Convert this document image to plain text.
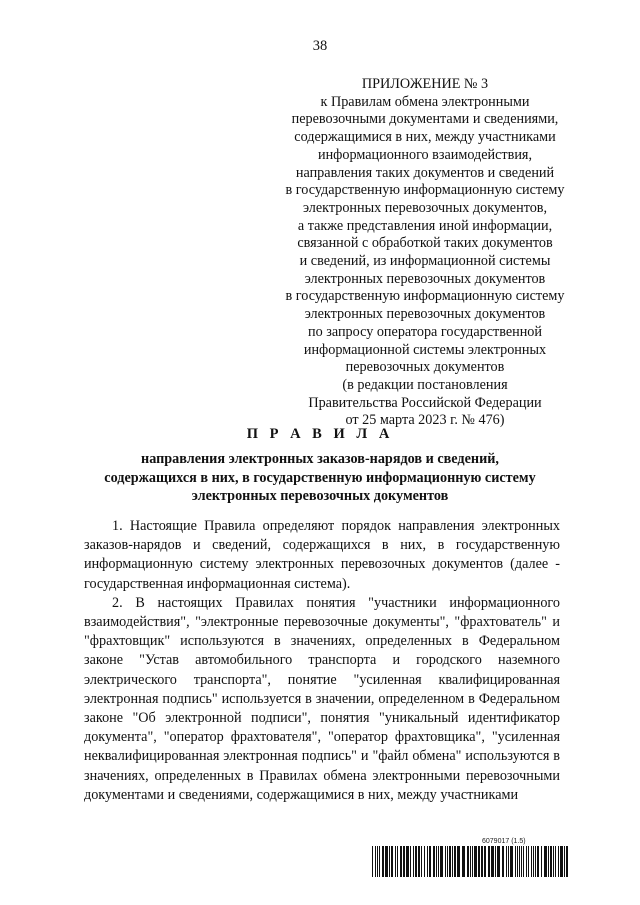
38
ПРИЛОЖЕНИЕ № 3
к Правилам обмена электронными
перевозочными документами и сведениями,
содержащимися в них, между участниками
информационного взаимодействия,
направления таких документов и сведений
в государственную информационную систему
электронных перевозочных документов,
а также представления иной информации,
связанной с обработкой таких документов
и сведений, из информационной системы
электронных перевозочных документов
в государственную информационную систему
электронных перевозочных документов
по запросу оператора государственной
информационной системы электронных
перевозочных документов
(в редакции постановления
Правительства Российской Федерации
от 25 марта 2023 г. № 476)
П Р А В И Л А
направления электронных заказов-нарядов и сведений,
содержащихся в них, в государственную информационную систему
электронных перевозочных документов

1. Настоящие Правила определяют порядок направления электронных заказов-нарядов и сведений, содержащихся в них, в государственную информационную систему электронных перевозочных документов (далее - государственная информационная система).

2. В настоящих Правилах понятия "участники информационного взаимодействия", "электронные перевозочные документы", "фрахтователь" и "фрахтовщик" используются в значениях, определенных в Федеральном законе "Устав автомобильного транспорта и городского наземного электрического транспорта", понятие "усиленная квалифицированная электронная подпись" используется в значении, определенном в Федеральном законе "Об электронной подписи", понятия "уникальный идентификатор документа", "оператор фрахтователя", "оператор фрахтовщика", "усиленная неквалифицированная электронная подпись" и "файл обмена" используются в значениях, определенных в Правилах обмена электронными перевозочными документами и сведениями, содержащимися в них, между участниками

6079017 (1.5)
